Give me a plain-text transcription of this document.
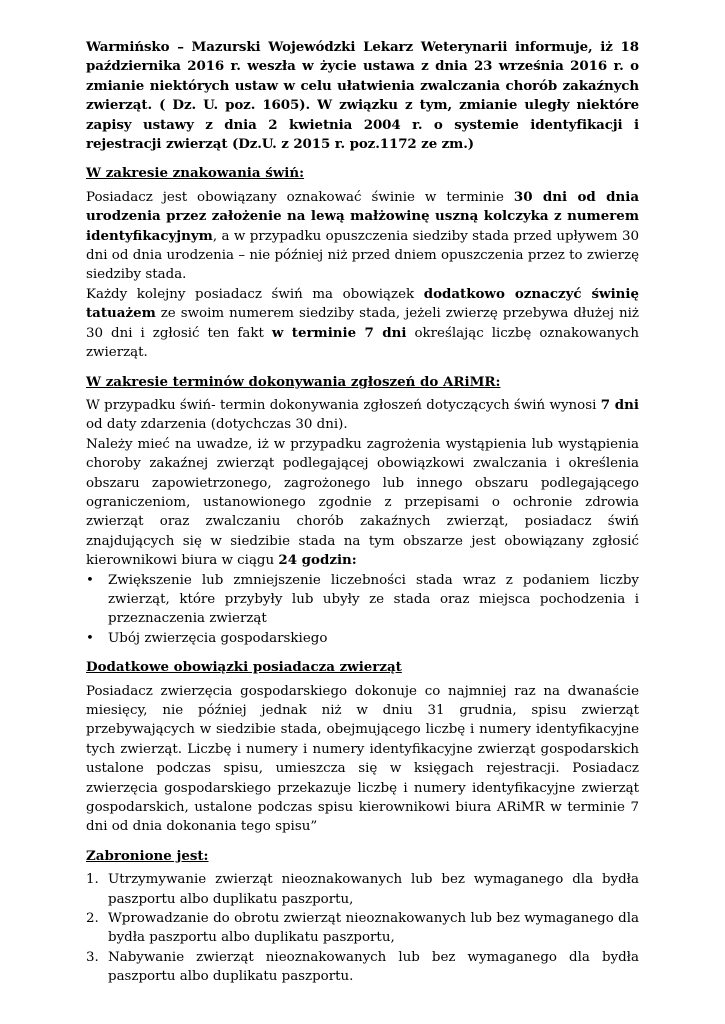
Warmińsko – Mazurski Wojewódzki Lekarz Weterynarii informuje, iż 18 października 2016 r. weszła w życie ustawa z dnia 23 września 2016 r. o zmianie niektórych ustaw w celu ułatwienia zwalczania chorób zakaźnych zwierząt. ( Dz. U. poz. 1605). W związku z tym, zmianie uległy niektóre zapisy ustawy z dnia 2 kwietnia 2004 r. o systemie identyfikacji i rejestracji zwierząt (Dz.U. z 2015 r. poz.1172 ze zm.)

W zakresie znakowania świń:

Posiadacz jest obowiązany oznakować świnie w terminie 30 dni od dnia urodzenia przez założenie na lewą małżowinę uszną kolczyka z numerem identyfikacyjnym, a w przypadku opuszczenia siedziby stada przed upływem 30 dni od dnia urodzenia – nie później niż przed dniem opuszczenia przez to zwierzę siedziby stada.

Każdy kolejny posiadacz świń ma obowiązek dodatkowo oznaczyć świnię tatuażem ze swoim numerem siedziby stada, jeżeli zwierzę przebywa dłużej niż 30 dni i zgłosić ten fakt w terminie 7 dni określając liczbę oznakowanych zwierząt.

W zakresie terminów dokonywania zgłoszeń do ARiMR:

W przypadku świń- termin dokonywania zgłoszeń dotyczących świń wynosi 7 dni od daty zdarzenia (dotychczas 30 dni).

Należy mieć na uwadze, iż w przypadku zagrożenia wystąpienia lub wystąpienia choroby zakaźnej zwierząt podlegającej obowiązkowi zwalczania i określenia obszaru zapowietrzonego, zagrożonego lub innego obszaru podlegającego ograniczeniom, ustanowionego zgodnie z przepisami o ochronie zdrowia zwierząt oraz zwalczaniu chorób zakaźnych zwierząt, posiadacz świń znajdujących się w siedzibie stada na tym obszarze jest obowiązany zgłosić kierownikowi biura w ciągu 24 godzin:

• Zwiększenie lub zmniejszenie liczebności stada wraz z podaniem liczby zwierząt, które przybyły lub ubyły ze stada oraz miejsca pochodzenia i przeznaczenia zwierząt
• Ubój zwierzęcia gospodarskiego

Dodatkowe obowiązki posiadacza zwierząt

Posiadacz zwierzęcia gospodarskiego dokonuje co najmniej raz na dwanaście miesięcy, nie później jednak niż w dniu 31 grudnia, spisu zwierząt przebywających w siedzibie stada, obejmującego liczbę i numery identyfikacyjne tych zwierząt. Liczbę i numery i numery identyfikacyjne zwierząt gospodarskich ustalone podczas spisu, umieszcza się w księgach rejestracji. Posiadacz zwierzęcia gospodarskiego przekazuje liczbę i numery identyfikacyjne zwierząt gospodarskich, ustalone podczas spisu kierownikowi biura ARiMR w terminie 7 dni od dnia dokonania tego spisu”

Zabronione jest:

1. Utrzymywanie zwierząt nieoznakowanych lub bez wymaganego dla bydła paszportu albo duplikatu paszportu,
2. Wprowadzanie do obrotu zwierząt nieoznakowanych lub bez wymaganego dla bydła paszportu albo duplikatu paszportu,
3. Nabywanie zwierząt nieoznakowanych lub bez wymaganego dla bydła paszportu albo duplikatu paszportu.
